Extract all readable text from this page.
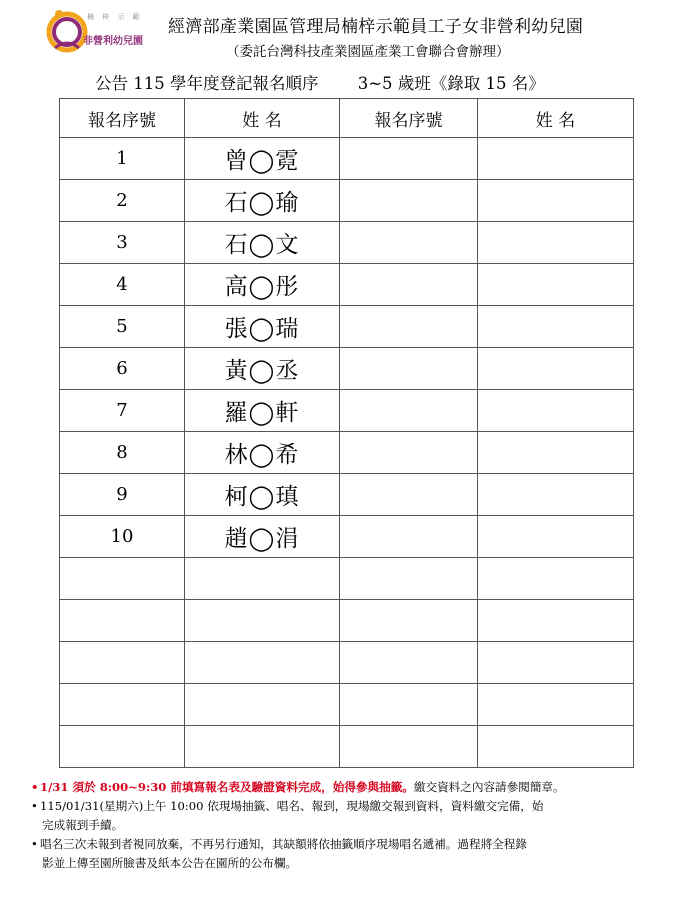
楠 梓 示 範
非營利幼兒園
經濟部產業園區管理局楠梓示範員工子女非營利幼兒園
（委託台灣科技產業園區產業工會聯合會辦理）
公告 115 學年度登記報名順序 3~5 歲班《錄取 15 名》
報名序號	姓 名	報名序號	姓 名
1	曾◯霓		
2	石◯瑜		
3	石◯文		
4	高◯彤		
5	張◯瑞		
6	黃◯丞		
7	羅◯軒		
8	林◯希		
9	柯◯瑱		
10	趙◯涓		

• 1/31 須於 8:00~9:30 前填寫報名表及驗證資料完成，始得參與抽籤。繳交資料之內容請參閱簡章。
• 115/01/31(星期六)上午 10:00 依現場抽籤、唱名、報到，現場繳交報到資料，資料繳交完備，始
完成報到手續。
• 唱名三次未報到者視同放棄，不再另行通知，其缺額將依抽籤順序現場唱名遞補。過程將全程錄
影並上傳至園所臉書及紙本公告在園所的公布欄。
